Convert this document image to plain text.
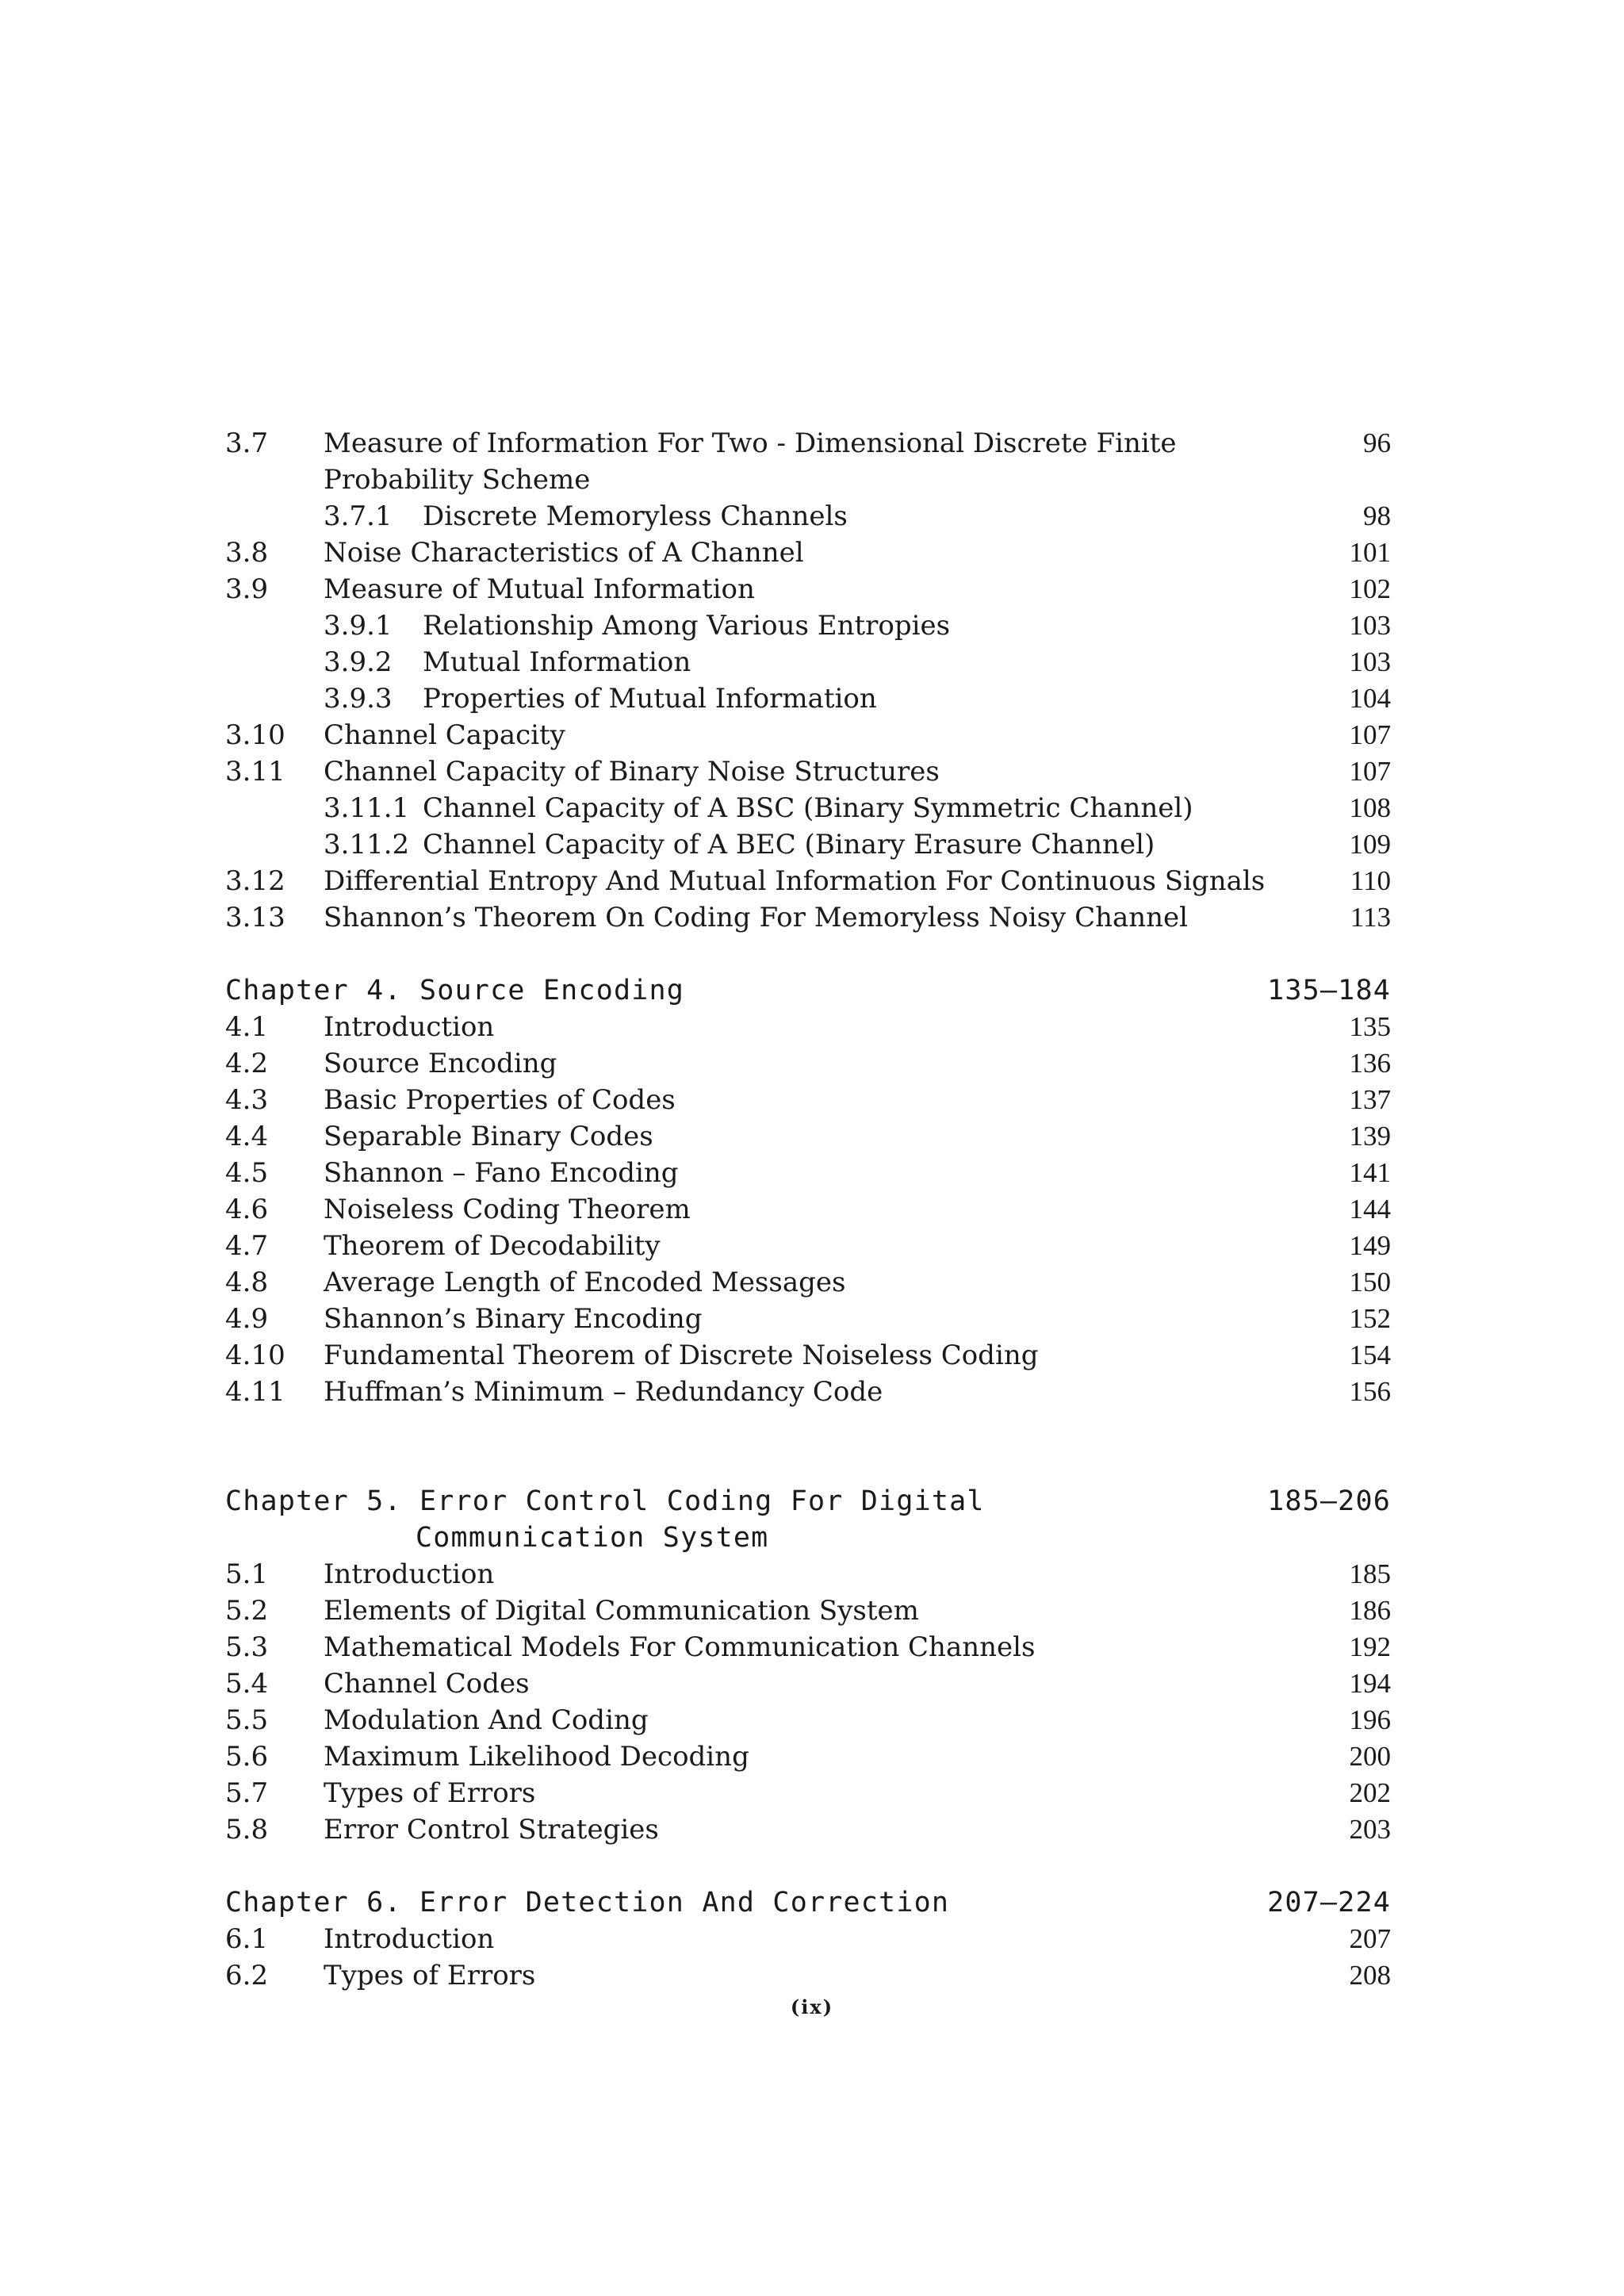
3.7 Measure of Information For Two - Dimensional Discrete Finite	96
Probability Scheme
3.7.1 Discrete Memoryless Channels	98
3.8 Noise Characteristics of A Channel	101
3.9 Measure of Mutual Information	102
3.9.1 Relationship Among Various Entropies	103
3.9.2 Mutual Information	103
3.9.3 Properties of Mutual Information	104
3.10 Channel Capacity	107
3.11 Channel Capacity of Binary Noise Structures	107
3.11.1 Channel Capacity of A BSC (Binary Symmetric Channel)	108
3.11.2 Channel Capacity of A BEC (Binary Erasure Channel)	109
3.12 Differential Entropy And Mutual Information For Continuous Signals	110
3.13 Shannon’s Theorem On Coding For Memoryless Noisy Channel	113
Chapter 4. Source Encoding	135–184
4.1 Introduction	135
4.2 Source Encoding	136
4.3 Basic Properties of Codes	137
4.4 Separable Binary Codes	139
4.5 Shannon – Fano Encoding	141
4.6 Noiseless Coding Theorem	144
4.7 Theorem of Decodability	149
4.8 Average Length of Encoded Messages	150
4.9 Shannon’s Binary Encoding	152
4.10 Fundamental Theorem of Discrete Noiseless Coding	154
4.11 Huffman’s Minimum – Redundancy Code	156
Chapter 5. Error Control Coding For Digital	185–206
Communication System
5.1 Introduction	185
5.2 Elements of Digital Communication System	186
5.3 Mathematical Models For Communication Channels	192
5.4 Channel Codes	194
5.5 Modulation And Coding	196
5.6 Maximum Likelihood Decoding	200
5.7 Types of Errors	202
5.8 Error Control Strategies	203
Chapter 6. Error Detection And Correction	207–224
6.1 Introduction	207
6.2 Types of Errors	208
(ix)
